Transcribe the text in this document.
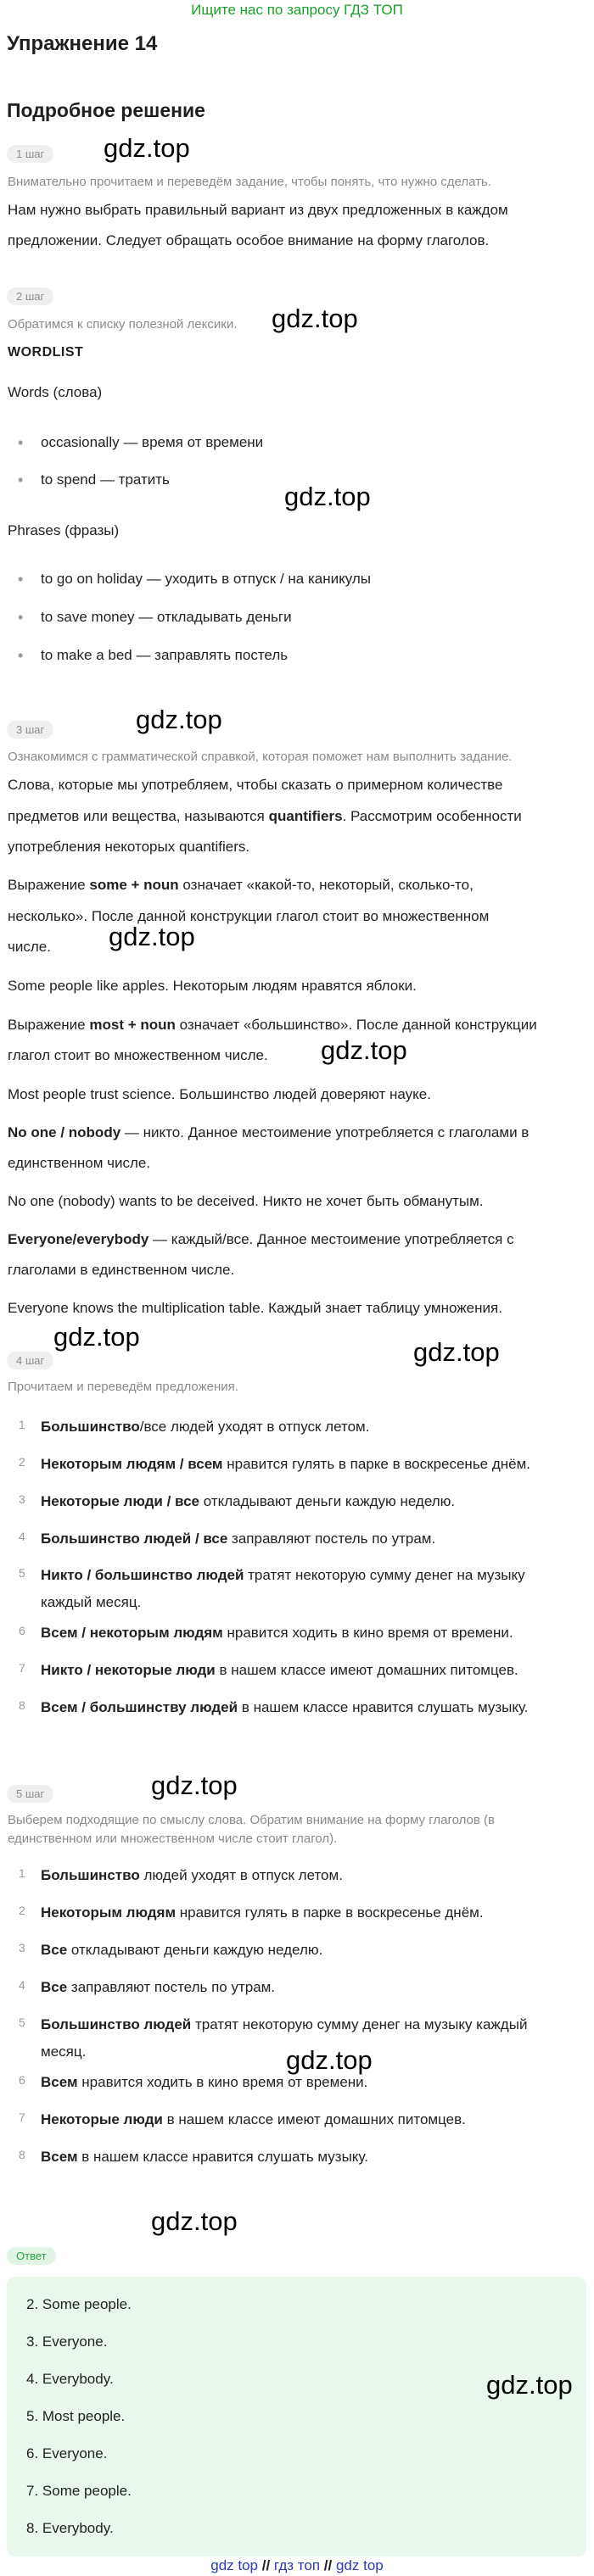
Ищите нас по запросу ГДЗ ТОП
Упражнение 14
Подробное решение
gdz.top
1 шаг
Внимательно прочитаем и переведём задание, чтобы понять, что нужно сделать.
Нам нужно выбрать правильный вариант из двух предложенных в каждом
предложении. Следует обращать особое внимание на форму глаголов.
2 шаг
Обратимся к списку полезной лексики. gdz.top
WORDLIST
Words (слова)
• occasionally — время от времени
• to spend — тратить
gdz.top
Phrases (фразы)
• to go on holiday — уходить в отпуск / на каникулы
• to save money — откладывать деньги
• to make a bed — заправлять постель
3 шаг	gdz.top
Ознакомимся с грамматической справкой, которая поможет нам выполнить задание.
Слова, которые мы употребляем, чтобы сказать о примерном количестве
предметов или вещества, называются quantifiers. Рассмотрим особенности
употребления некоторых quantifiers.
Выражение some + noun означает «какой-то, некоторый, сколько-то,
несколько». После данной конструкции глагол стоит во множественном
числе. gdz.top
Some people like apples. Некоторым людям нравятся яблоки.
Выражение most + noun означает «большинство». После данной конструкции
глагол стоит во множественном числе. gdz.top
Most people trust science. Большинство людей доверяют науке.
No one / nobody — никто. Данное местоимение употребляется с глаголами в
единственном числе.
No one (nobody) wants to be deceived. Никто не хочет быть обманутым.
Everyone/everybody — каждый/все. Данное местоимение употребляется с
глаголами в единственном числе.
Everyone knows the multiplication table. Каждый знает таблицу умножения.
gdz.top
4 шаг	gdz.top
Прочитаем и переведём предложения.
1 Большинство/все людей уходят в отпуск летом.
2 Некоторым людям / всем нравится гулять в парке в воскресенье днём.
3 Некоторые люди / все откладывают деньги каждую неделю.
4 Большинство людей / все заправляют постель по утрам.
5 Никто / большинство людей тратят некоторую сумму денег на музыку
каждый месяц.
6 Всем / некоторым людям нравится ходить в кино время от времени.
7 Никто / некоторые люди в нашем классе имеют домашних питомцев.
8 Всем / большинству людей в нашем классе нравится слушать музыку.
5 шаг	gdz.top
Выберем подходящие по смыслу слова. Обратим внимание на форму глаголов (в
единственном или множественном числе стоит глагол).
1 Большинство людей уходят в отпуск летом.
2 Некоторым людям нравится гулять в парке в воскресенье днём.
3 Все откладывают деньги каждую неделю.
4 Все заправляют постель по утрам.
5 Большинство людей тратят некоторую сумму денег на музыку каждый
месяц.
6 Всем нравится ходить в кино время от времени.
7 Некоторые люди в нашем классе имеют домашних питомцев.
8 Всем в нашем классе нравится слушать музыку.
gdz.top
gdz.top
Ответ
2. Some people.
3. Everyone.
4. Everybody.
5. Most people.
6. Everyone.
7. Some people.
8. Everybody.
gdz.top
gdz top // гдз топ // gdz top
